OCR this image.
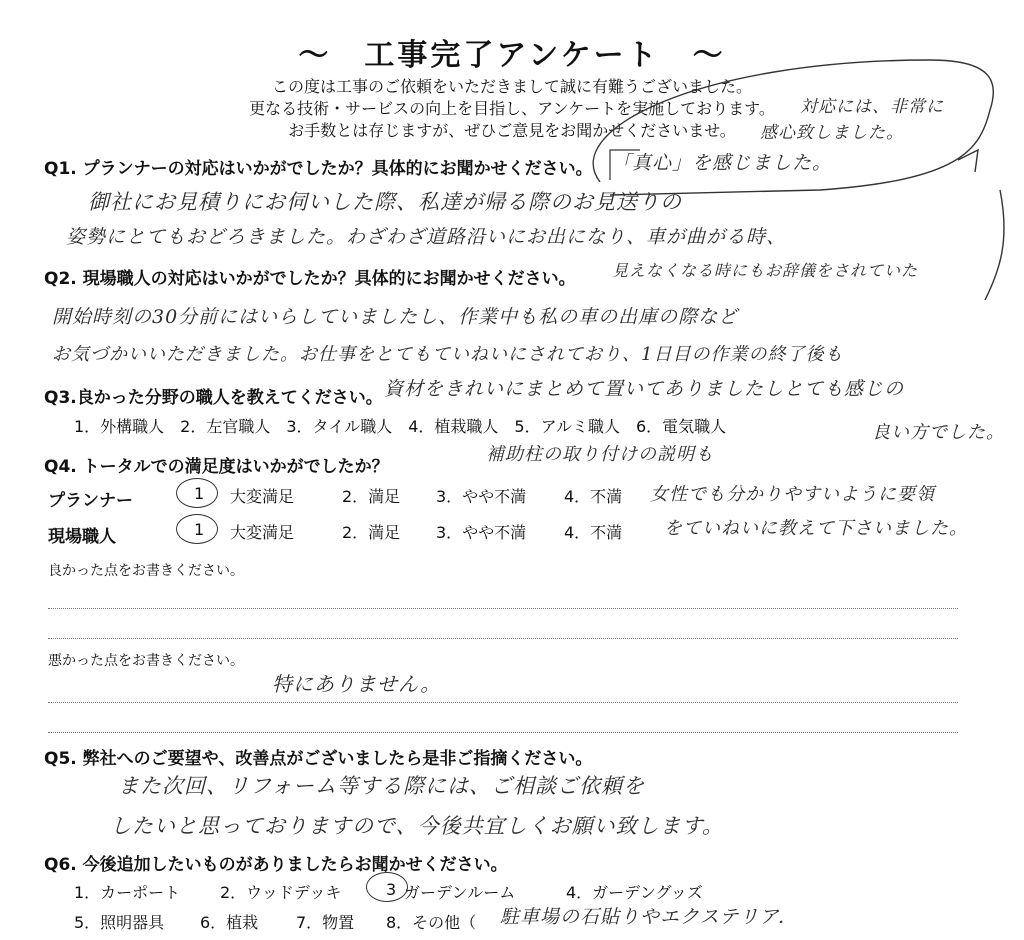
～　工事完了アンケート　～
この度は工事のご依頼をいただきまして誠に有難うございました。
更なる技術・サービスの向上を目指し、アンケートを実施しております。
お手数とは存じますが、ぜひご意見をお聞かせくださいませ。
Q1. プランナーの対応はいかがでしたか？具体的にお聞かせください。 「真心」を感じました。
対応には、非常に
感心致しました。
御社にお見積りにお伺いした際、私達が帰る際のお見送りの
姿勢にとてもおどろきました。わざわざ道路沿いにお出になり、車が曲がる時、
見えなくなる時にもお辞儀をされていた
Q2. 現場職人の対応はいかがでしたか？具体的にお聞かせください。
開始時刻の30分前にはいらしていましたし、作業中も私の車の出庫の際など
お気づかいいただきました。お仕事をとてもていねいにされており、1日目の作業の終了後も
資材をきれいにまとめて置いてありましたしとても感じの
良い方でした。
Q3.良かった分野の職人を教えてください。
1．外構職人　2．左官職人　3．タイル職人　4．植栽職人　5．アルミ職人　6．電気職人
補助柱の取り付けの説明も
女性でも分かりやすいように要領
をていねいに教えて下さいました。
Q4. トータルでの満足度はいかがでしたか？
プランナー	1 大変満足	2．満足 3．やや不満 4．不満
現場職人	1 大変満足	2．満足 3．やや不満 4．不満
良かった点をお書きください。
悪かった点をお書きください。
特にありません。
Q5. 弊社へのご要望や、改善点がございましたら是非ご指摘ください。
また次回、リフォーム等する際には、ご相談ご依頼を
したいと思っておりますので、今後共宜しくお願い致します。
Q6. 今後追加したいものがありましたらお聞かせください。
1．カーポート 2．ウッドデッキ	3 ガーデンルーム	4．ガーデングッズ
5．照明器具 6．植栽 7．物置 8．その他（ 駐車場の石貼りやエクステリア．
